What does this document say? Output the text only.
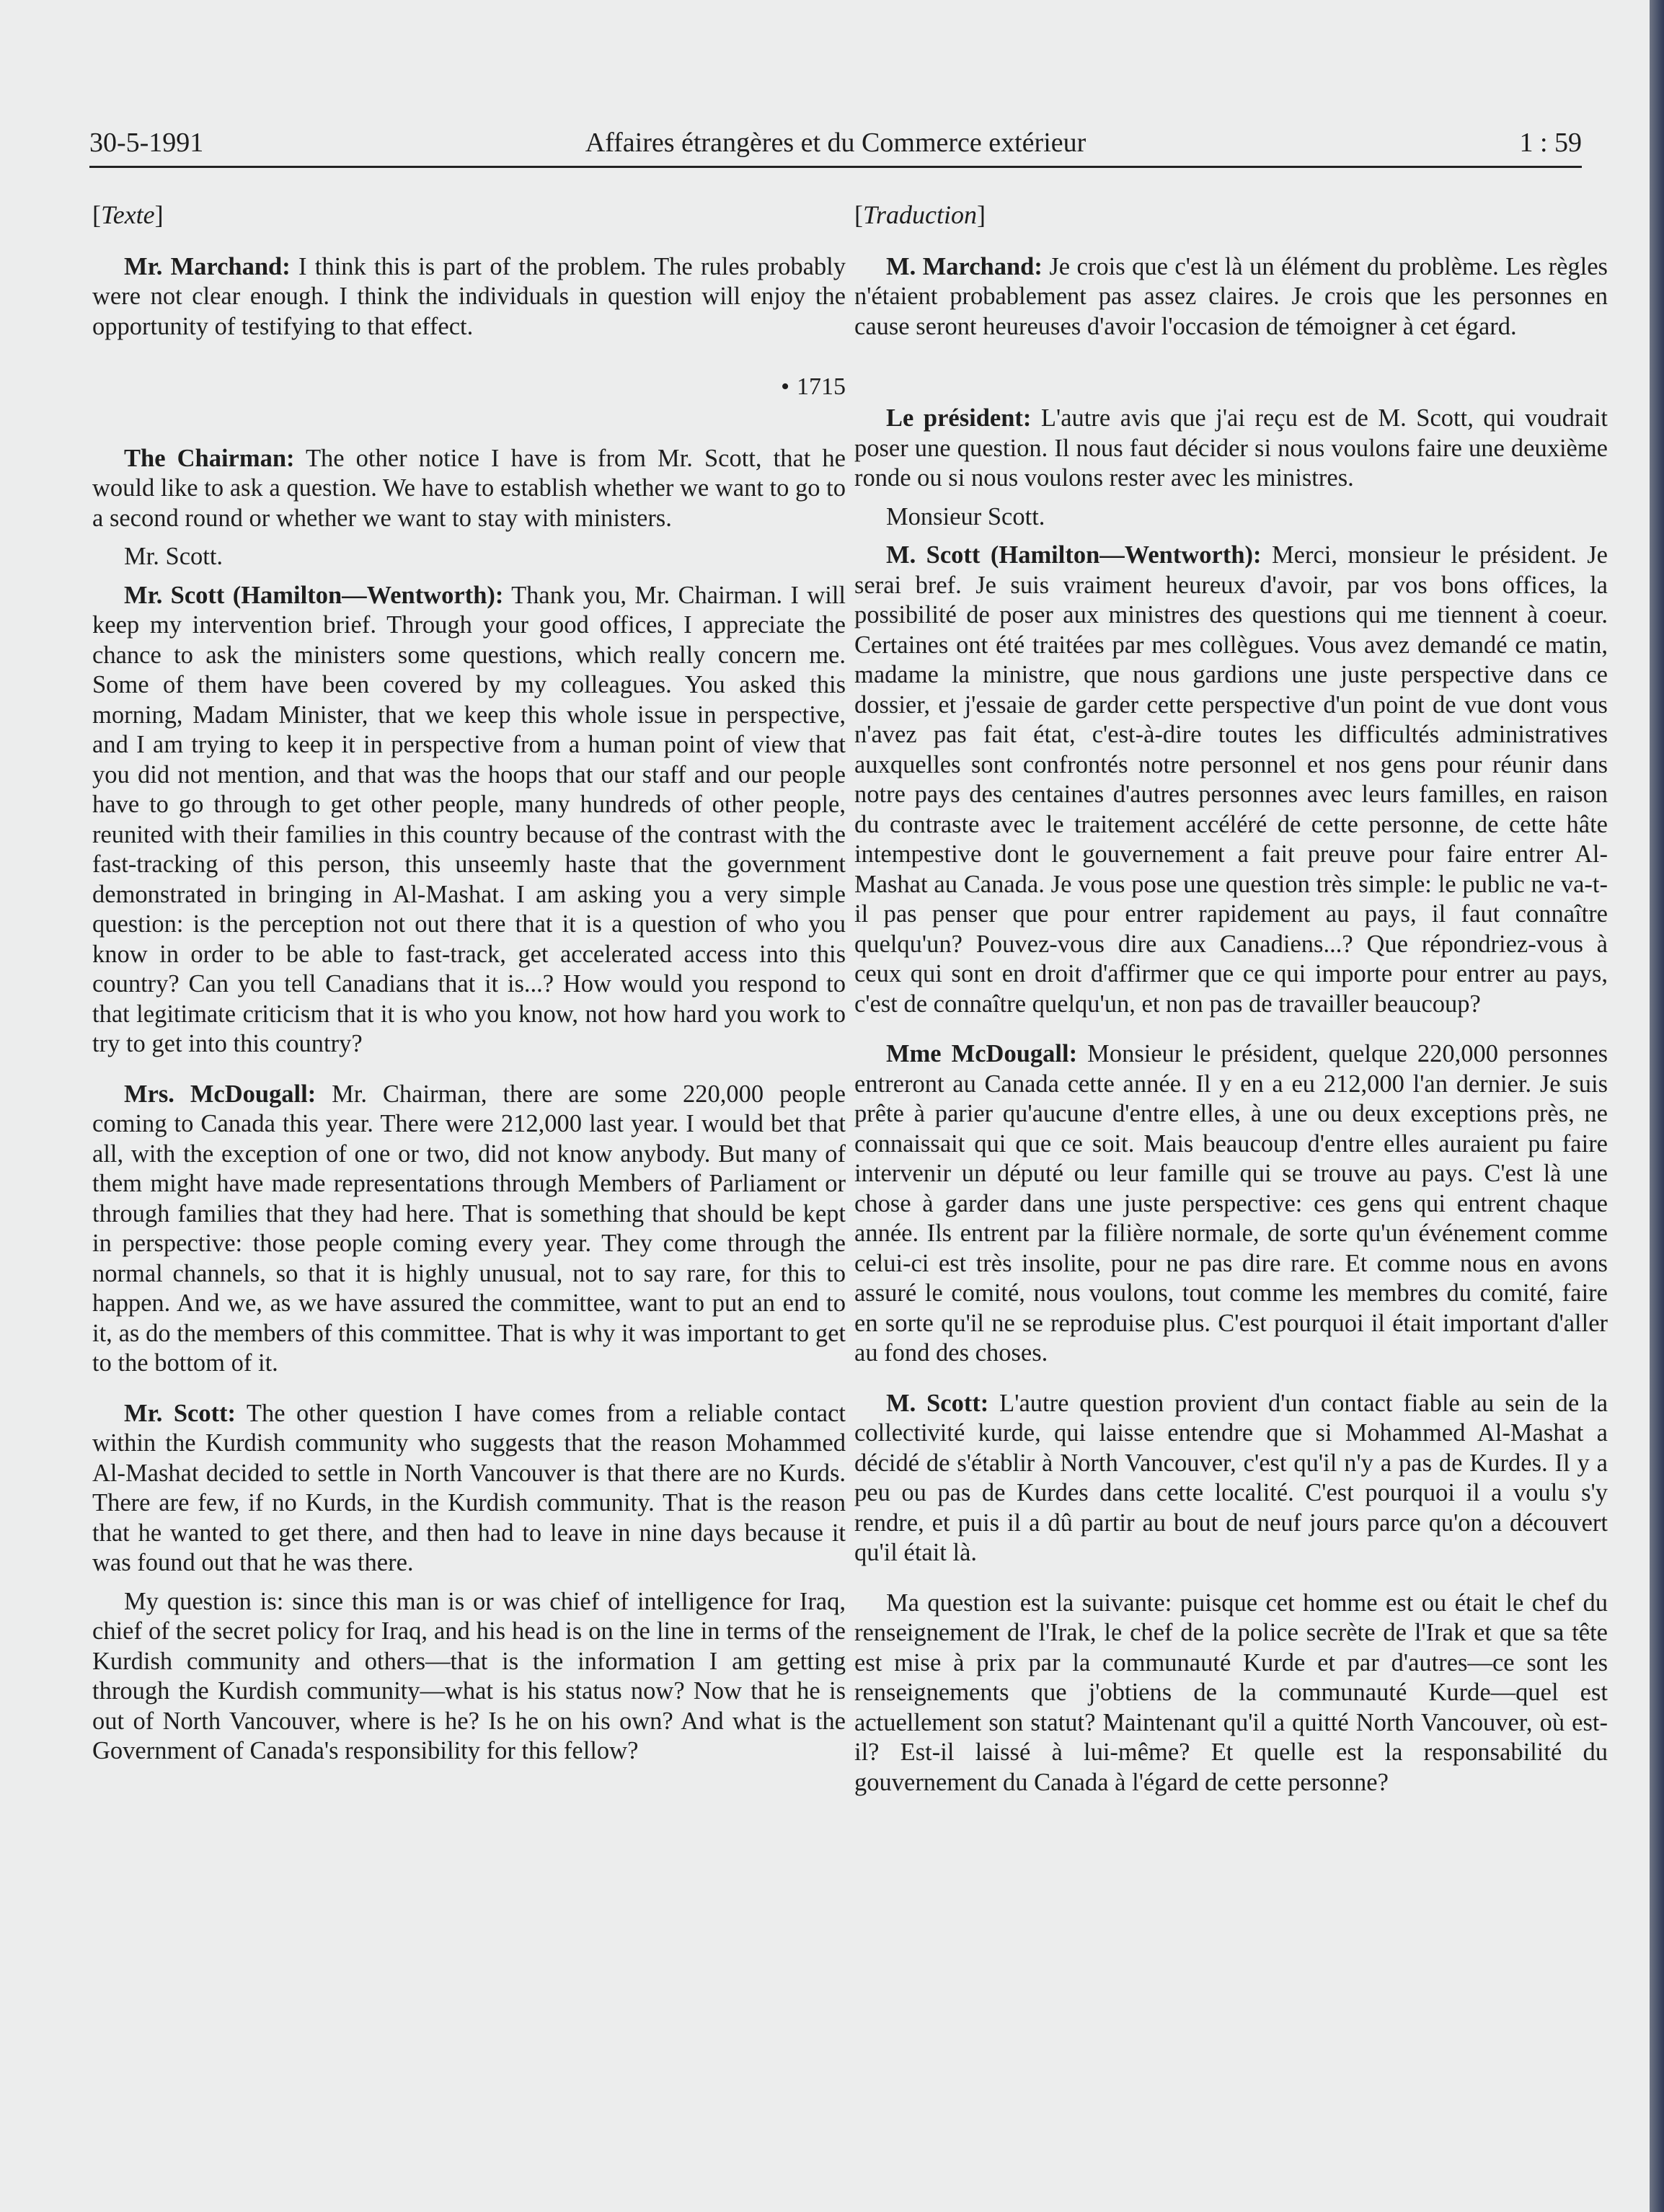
30-5-1991	Affaires étrangères et du Commerce extérieur	1 : 59
[Texte]

Mr. Marchand: I think this is part of the problem. The rules probably were not clear enough. I think the individuals in question will enjoy the opportunity of testifying to that effect.

• 1715

The Chairman: The other notice I have is from Mr. Scott, that he would like to ask a question. We have to establish whether we want to go to a second round or whether we want to stay with ministers.

Mr. Scott.

Mr. Scott (Hamilton—Wentworth): Thank you, Mr. Chairman. I will keep my intervention brief. Through your good offices, I appreciate the chance to ask the ministers some questions, which really concern me. Some of them have been covered by my colleagues. You asked this morning, Madam Minister, that we keep this whole issue in perspective, and I am trying to keep it in perspective from a human point of view that you did not mention, and that was the hoops that our staff and our people have to go through to get other people, many hundreds of other people, reunited with their families in this country because of the contrast with the fast-tracking of this person, this unseemly haste that the government demonstrated in bringing in Al-Mashat. I am asking you a very simple question: is the perception not out there that it is a question of who you know in order to be able to fast-track, get accelerated access into this country? Can you tell Canadians that it is...? How would you respond to that legitimate criticism that it is who you know, not how hard you work to try to get into this country?

Mrs. McDougall: Mr. Chairman, there are some 220,000 people coming to Canada this year. There were 212,000 last year. I would bet that all, with the exception of one or two, did not know anybody. But many of them might have made representations through Members of Parliament or through families that they had here. That is something that should be kept in perspective: those people coming every year. They come through the normal channels, so that it is highly unusual, not to say rare, for this to happen. And we, as we have assured the committee, want to put an end to it, as do the members of this committee. That is why it was important to get to the bottom of it.

Mr. Scott: The other question I have comes from a reliable contact within the Kurdish community who suggests that the reason Mohammed Al-Mashat decided to settle in North Vancouver is that there are no Kurds. There are few, if no Kurds, in the Kurdish community. That is the reason that he wanted to get there, and then had to leave in nine days because it was found out that he was there.

My question is: since this man is or was chief of intelligence for Iraq, chief of the secret policy for Iraq, and his head is on the line in terms of the Kurdish community and others—that is the information I am getting through the Kurdish community—what is his status now? Now that he is out of North Vancouver, where is he? Is he on his own? And what is the Government of Canada's responsibility for this fellow?

[Traduction]

M. Marchand: Je crois que c'est là un élément du problème. Les règles n'étaient probablement pas assez claires. Je crois que les personnes en cause seront heureuses d'avoir l'occasion de témoigner à cet égard.

Le président: L'autre avis que j'ai reçu est de M. Scott, qui voudrait poser une question. Il nous faut décider si nous voulons faire une deuxième ronde ou si nous voulons rester avec les ministres.

Monsieur Scott.

M. Scott (Hamilton—Wentworth): Merci, monsieur le président. Je serai bref. Je suis vraiment heureux d'avoir, par vos bons offices, la possibilité de poser aux ministres des questions qui me tiennent à coeur. Certaines ont été traitées par mes collègues. Vous avez demandé ce matin, madame la ministre, que nous gardions une juste perspective dans ce dossier, et j'essaie de garder cette perspective d'un point de vue dont vous n'avez pas fait état, c'est-à-dire toutes les difficultés administratives auxquelles sont confrontés notre personnel et nos gens pour réunir dans notre pays des centaines d'autres personnes avec leurs familles, en raison du contraste avec le traitement accéléré de cette personne, de cette hâte intempestive dont le gouvernement a fait preuve pour faire entrer Al-Mashat au Canada. Je vous pose une question très simple: le public ne va-t-il pas penser que pour entrer rapidement au pays, il faut connaître quelqu'un? Pouvez-vous dire aux Canadiens...? Que répondriez-vous à ceux qui sont en droit d'affirmer que ce qui importe pour entrer au pays, c'est de connaître quelqu'un, et non pas de travailler beaucoup?

Mme McDougall: Monsieur le président, quelque 220,000 personnes entreront au Canada cette année. Il y en a eu 212,000 l'an dernier. Je suis prête à parier qu'aucune d'entre elles, à une ou deux exceptions près, ne connaissait qui que ce soit. Mais beaucoup d'entre elles auraient pu faire intervenir un député ou leur famille qui se trouve au pays. C'est là une chose à garder dans une juste perspective: ces gens qui entrent chaque année. Ils entrent par la filière normale, de sorte qu'un événement comme celui-ci est très insolite, pour ne pas dire rare. Et comme nous en avons assuré le comité, nous voulons, tout comme les membres du comité, faire en sorte qu'il ne se reproduise plus. C'est pourquoi il était important d'aller au fond des choses.

M. Scott: L'autre question provient d'un contact fiable au sein de la collectivité kurde, qui laisse entendre que si Mohammed Al-Mashat a décidé de s'établir à North Vancouver, c'est qu'il n'y a pas de Kurdes. Il y a peu ou pas de Kurdes dans cette localité. C'est pourquoi il a voulu s'y rendre, et puis il a dû partir au bout de neuf jours parce qu'on a découvert qu'il était là.

Ma question est la suivante: puisque cet homme est ou était le chef du renseignement de l'Irak, le chef de la police secrète de l'Irak et que sa tête est mise à prix par la communauté Kurde et par d'autres—ce sont les renseignements que j'obtiens de la communauté Kurde—quel est actuellement son statut? Maintenant qu'il a quitté North Vancouver, où est-il? Est-il laissé à lui-même? Et quelle est la responsabilité du gouvernement du Canada à l'égard de cette personne?
